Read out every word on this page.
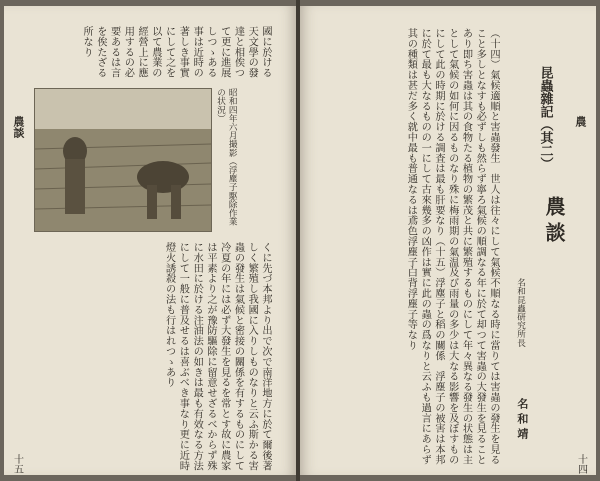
國に於ける天文學の發達と相俟つて更に進展しつゝある事は近時の著しき事實にして之を以て農業の經營上に應用するの必要あるは言を俟たざる所なり
昭和四年六月撮影（浮塵子駆除作業の状況）
くに先づ本邦より出で次で南洋地方に於て爾後著しく繁殖し我國に入りしものなりと云ふ斯かる害蟲の發生は氣候と密接の關係を有するものにして冷夏の年には必ず大發生を見るを常とす故に農家は平素より之が豫防驅除に留意せざるべからず殊に水田に於ける注油法の如きは最も有效なる方法にして一般に普及せるは喜ぶべき事なり更に近時燈火誘殺の法も行はれつゝあり
農談
十五	（十四）氣候適順と害蟲發生　世人は往々にして氣候不順なる時に當りては害蟲の發生を見ること多しとなすも必ずしも然らず寧ろ氣候の順調なる年に於て却つて害蟲の大發生を見ることあり即ち害蟲は其の食物たる植物の繁茂と共に繁殖するものにして年々異なる發生の状態は主として氣候の如何に因るものなり殊に梅雨期の氣温及び雨量の多少は大なる影響を及ぼすものにして此の時期に於ける調査は最も肝要なり（十五）浮塵子と稻の關係　浮塵子の被害は本邦に於て最も大なるものの一にして古來幾多の凶作は實に此の蟲の爲なりと云ふも過言にあらず其の種類は甚だ多く就中最も普通なるは鳶色浮塵子白背浮塵子等なり	昆蟲雜記（其二）
農談
名和昆蟲研究所長
名和靖
農
十四
